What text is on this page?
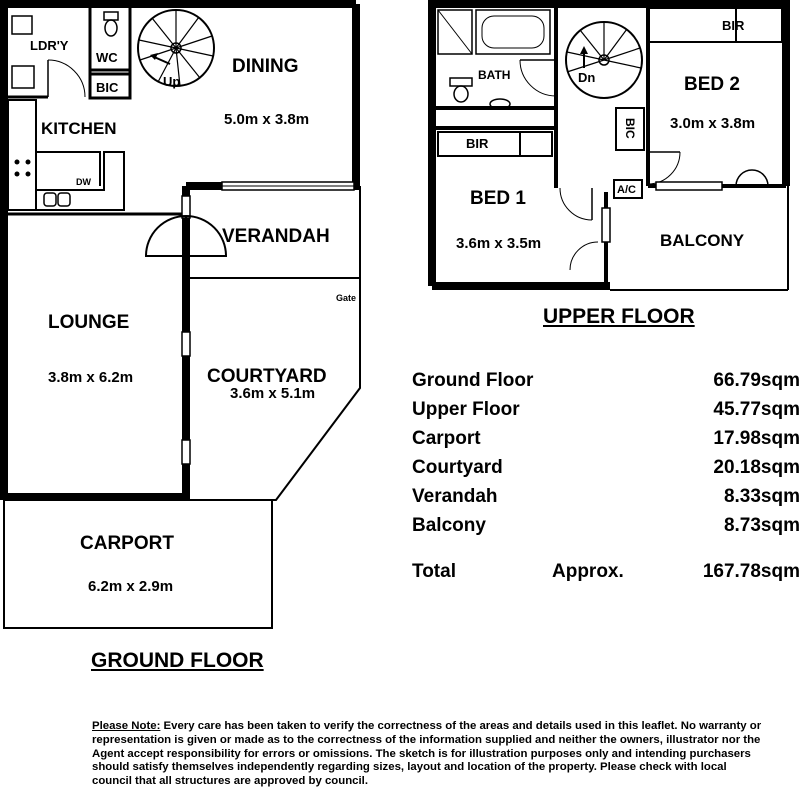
LDR'Y
WC
BIC	Up
DINING
5.0m x 3.8m
KITCHEN
DW
VERANDAH
LOUNGE
3.8m x 6.2m
Gate
COURTYARD
3.6m x 5.1m
CARPORT
6.2m x 2.9m
BATH	Dn
BIR
BED 2
3.0m x 3.8m
BIC
BIR
BED 1
3.6m x 3.5m
A/C
BALCONY
UPPER FLOOR
GROUND FLOOR
Ground Floor	66.79sqm
Upper Floor	45.77sqm
Carport	17.98sqm
Courtyard	20.18sqm
Verandah	8.33sqm
Balcony	8.73sqm
Total	Approx.	167.78sqm
Please Note: Every care has been taken to verify the correctness of the areas and details used in this leaflet. No warranty or representation is given or made as to the correctness of the information supplied and neither the owners, illustrator nor the Agent accept responsibility for errors or omissions. The sketch is for illustration purposes only and intending purchasers should satisfy themselves independently regarding sizes, layout and location of the property. Please check with local council that all structures are approved by council.
